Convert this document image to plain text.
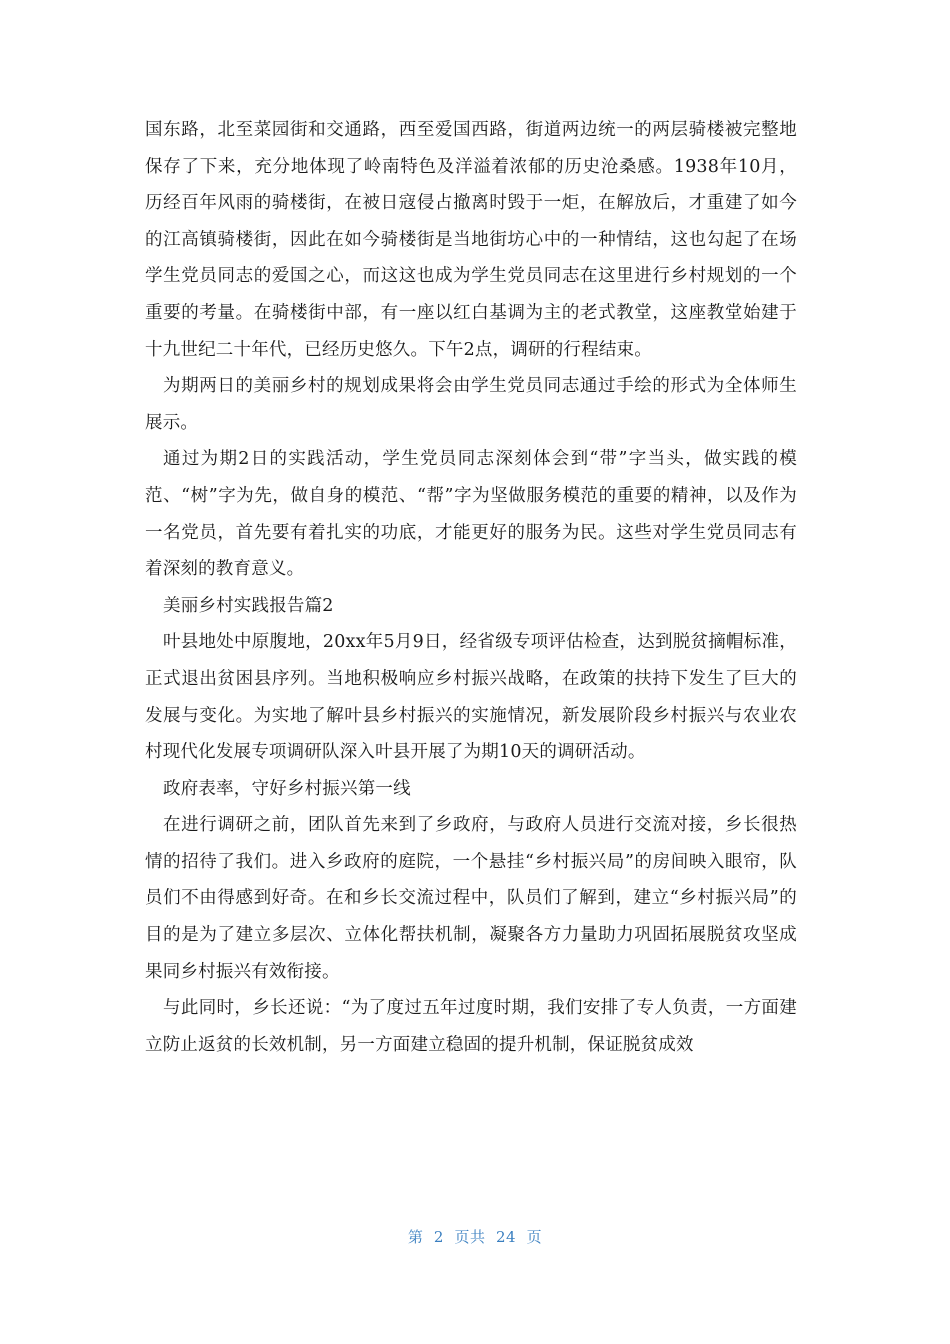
国东路，北至菜园街和交通路，西至爱国西路，街道两边统一的两层骑楼被完整地保存了下来，充分地体现了岭南特色及洋溢着浓郁的历史沧桑感。1938年10月，历经百年风雨的骑楼街，在被日寇侵占撤离时毁于一炬，在解放后，才重建了如今的江高镇骑楼街，因此在如今骑楼街是当地街坊心中的一种情结，这也勾起了在场学生党员同志的爱国之心，而这这也成为学生党员同志在这里进行乡村规划的一个重要的考量。在骑楼街中部，有一座以红白基调为主的老式教堂，这座教堂始建于十九世纪二十年代，已经历史悠久。下午2点，调研的行程结束。

为期两日的美丽乡村的规划成果将会由学生党员同志通过手绘的形式为全体师生展示。

通过为期2日的实践活动，学生党员同志深刻体会到“带”字当头，做实践的模范、“树”字为先，做自身的模范、“帮”字为坚做服务模范的重要的精神，以及作为一名党员，首先要有着扎实的功底，才能更好的服务为民。这些对学生党员同志有着深刻的教育意义。

美丽乡村实践报告篇2

叶县地处中原腹地，20xx年5月9日，经省级专项评估检查，达到脱贫摘帽标准，正式退出贫困县序列。当地积极响应乡村振兴战略，在政策的扶持下发生了巨大的发展与变化。为实地了解叶县乡村振兴的实施情况，新发展阶段乡村振兴与农业农村现代化发展专项调研队深入叶县开展了为期10天的调研活动。

政府表率，守好乡村振兴第一线

在进行调研之前，团队首先来到了乡政府，与政府人员进行交流对接，乡长很热情的招待了我们。进入乡政府的庭院，一个悬挂“乡村振兴局”的房间映入眼帘，队员们不由得感到好奇。在和乡长交流过程中，队员们了解到，建立“乡村振兴局”的目的是为了建立多层次、立体化帮扶机制，凝聚各方力量助力巩固拓展脱贫攻坚成果同乡村振兴有效衔接。

与此同时，乡长还说：“为了度过五年过度时期，我们安排了专人负责，一方面建立防止返贫的长效机制，另一方面建立稳固的提升机制，保证脱贫成效

第  2  页共  24  页
